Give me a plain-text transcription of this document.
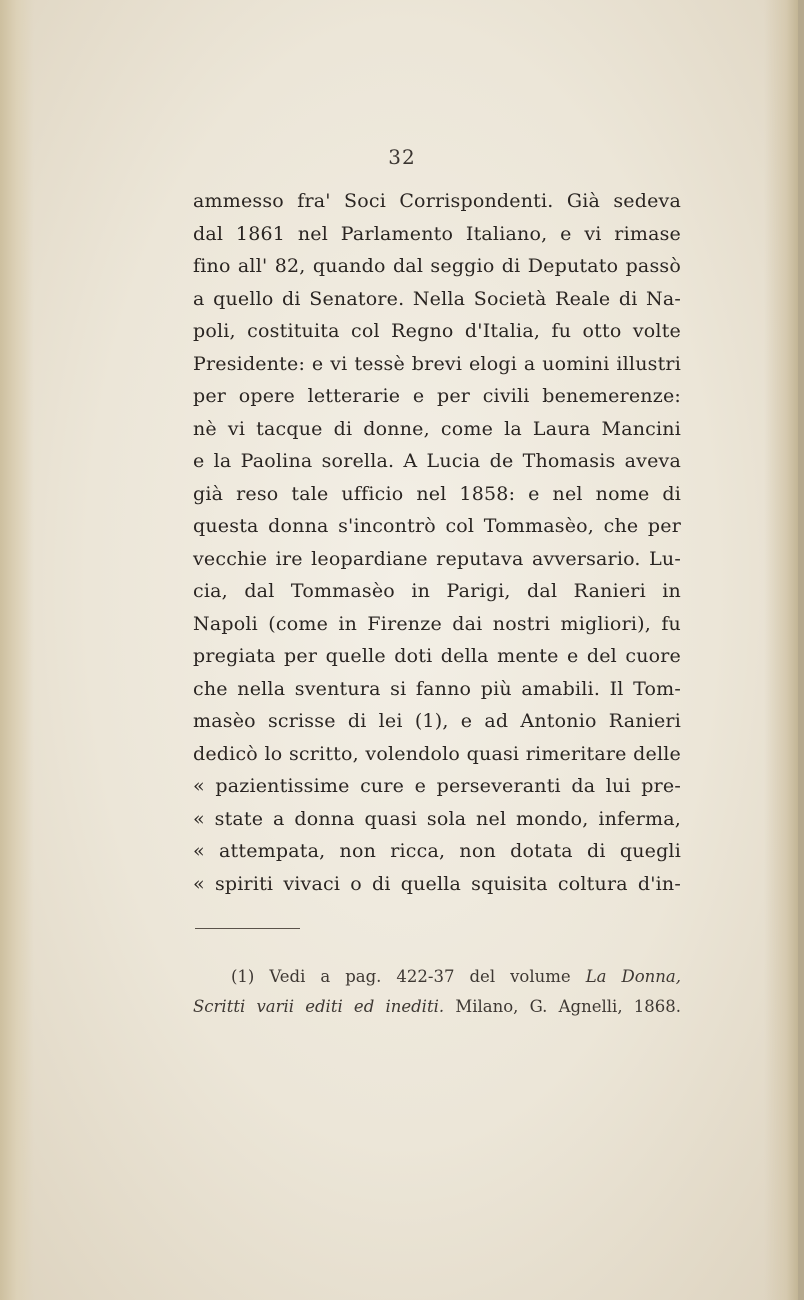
32
ammesso fra' Soci Corrispondenti. Già sedeva
dal 1861 nel Parlamento Italiano, e vi rimase
fino all' 82, quando dal seggio di Deputato passò
a quello di Senatore. Nella Società Reale di Na-
poli, costituita col Regno d'Italia, fu otto volte
Presidente: e vi tessè brevi elogi a uomini illustri
per opere letterarie e per civili benemerenze:
nè vi tacque di donne, come la Laura Mancini
e la Paolina sorella. A Lucia de Thomasis aveva
già reso tale ufficio nel 1858: e nel nome di
questa donna s'incontrò col Tommasèo, che per
vecchie ire leopardiane reputava avversario. Lu-
cia, dal Tommasèo in Parigi, dal Ranieri in
Napoli (come in Firenze dai nostri migliori), fu
pregiata per quelle doti della mente e del cuore
che nella sventura si fanno più amabili. Il Tom-
masèo scrisse di lei (1), e ad Antonio Ranieri
dedicò lo scritto, volendolo quasi rimeritare delle
« pazientissime cure e perseveranti da lui pre-
« state a donna quasi sola nel mondo, inferma,
« attempata, non ricca, non dotata di quegli
« spiriti vivaci o di quella squisita coltura d'in-
(1) Vedi a pag. 422-37 del volume La Donna,
Scritti varii editi ed inediti. Milano, G. Agnelli, 1868.
